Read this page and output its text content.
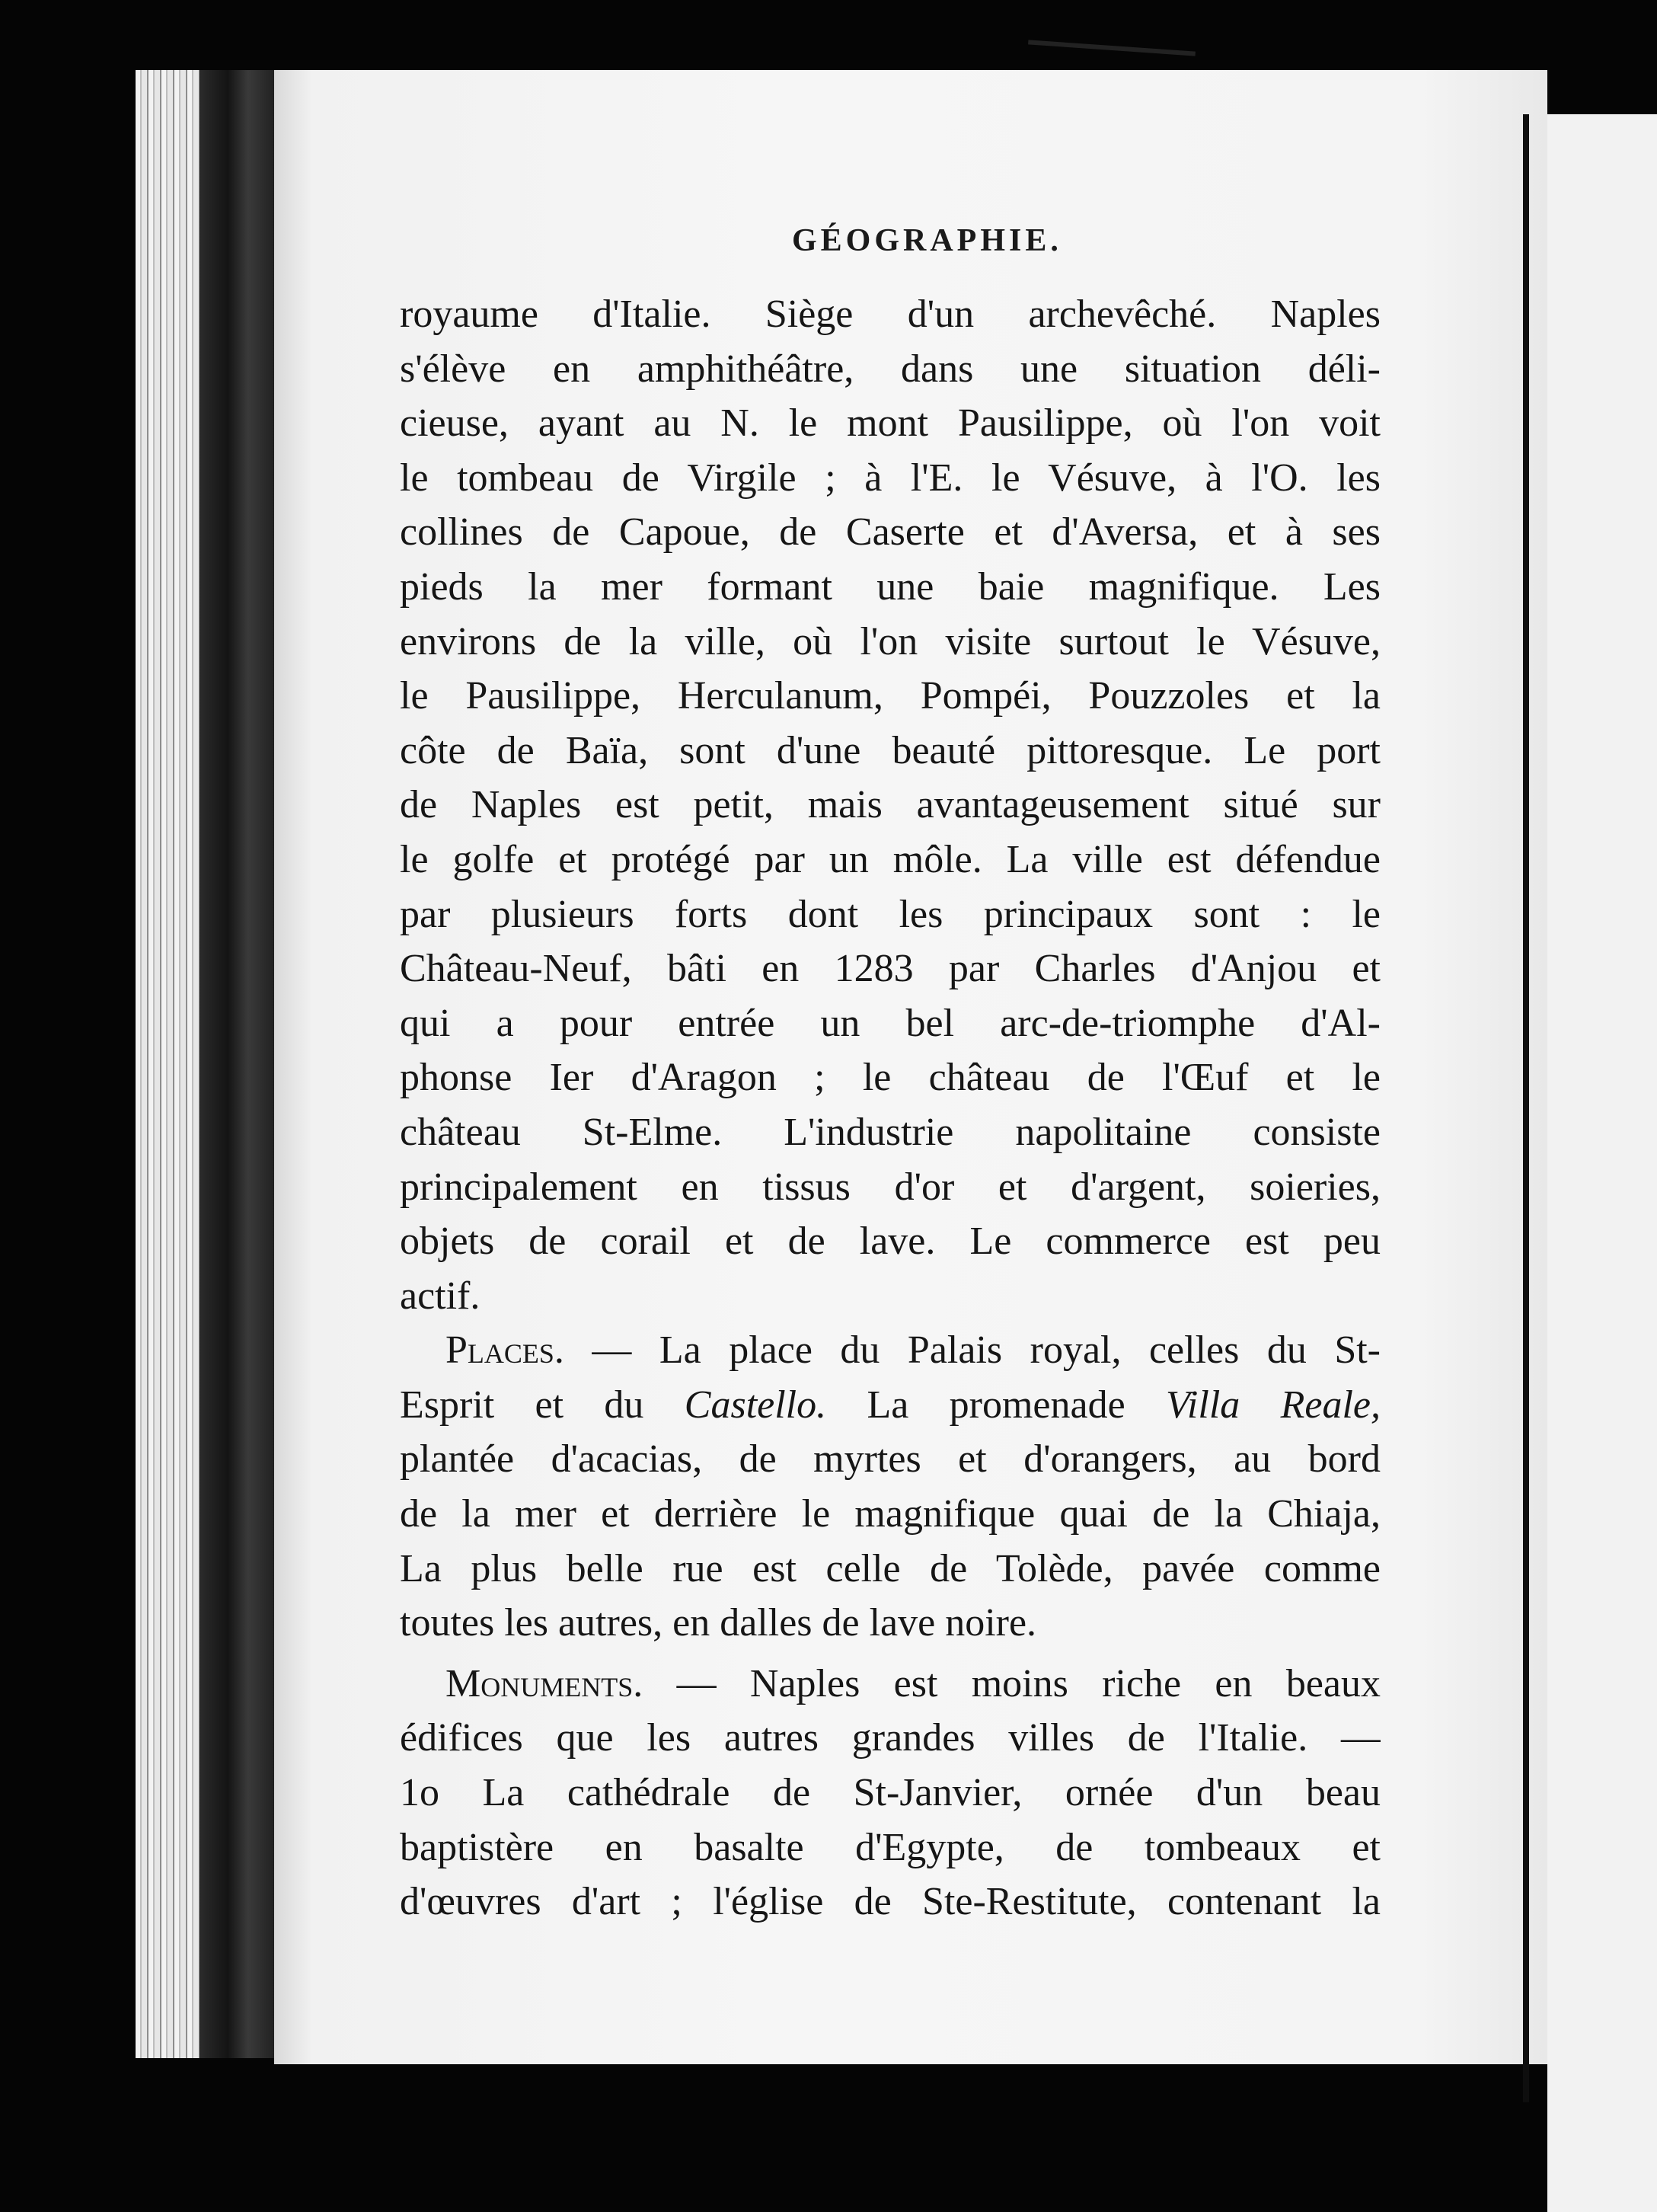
GÉOGRAPHIE.
royaume d'Italie. Siège d'un archevêché. Naples
s'élève en amphithéâtre, dans une situation déli-
cieuse, ayant au N. le mont Pausilippe, où l'on voit
le tombeau de Virgile ; à l'E. le Vésuve, à l'O. les
collines de Capoue, de Caserte et d'Aversa, et à ses
pieds la mer formant une baie magnifique. Les
environs de la ville, où l'on visite surtout le Vésuve,
le Pausilippe, Herculanum, Pompéi, Pouzzoles et la
côte de Baïa, sont d'une beauté pittoresque. Le port
de Naples est petit, mais avantageusement situé sur
le golfe et protégé par un môle. La ville est défendue
par plusieurs forts dont les principaux sont : le
Château-Neuf, bâti en 1283 par Charles d'Anjou et
qui a pour entrée un bel arc-de-triomphe d'Al-
phonse Ier d'Aragon ; le château de l'Œuf et le
château St-Elme. L'industrie napolitaine consiste
principalement en tissus d'or et d'argent, soieries,
objets de corail et de lave. Le commerce est peu
actif.
Places. — La place du Palais royal, celles du St-
Esprit et du Castello. La promenade Villa Reale,
plantée d'acacias, de myrtes et d'orangers, au bord
de la mer et derrière le magnifique quai de la Chiaja,
La plus belle rue est celle de Tolède, pavée comme
toutes les autres, en dalles de lave noire.
Monuments. — Naples est moins riche en beaux
édifices que les autres grandes villes de l'Italie. —
1o La cathédrale de St-Janvier, ornée d'un beau
baptistère en basalte d'Egypte, de tombeaux et
d'œuvres d'art ; l'église de Ste-Restitute, contenant la
